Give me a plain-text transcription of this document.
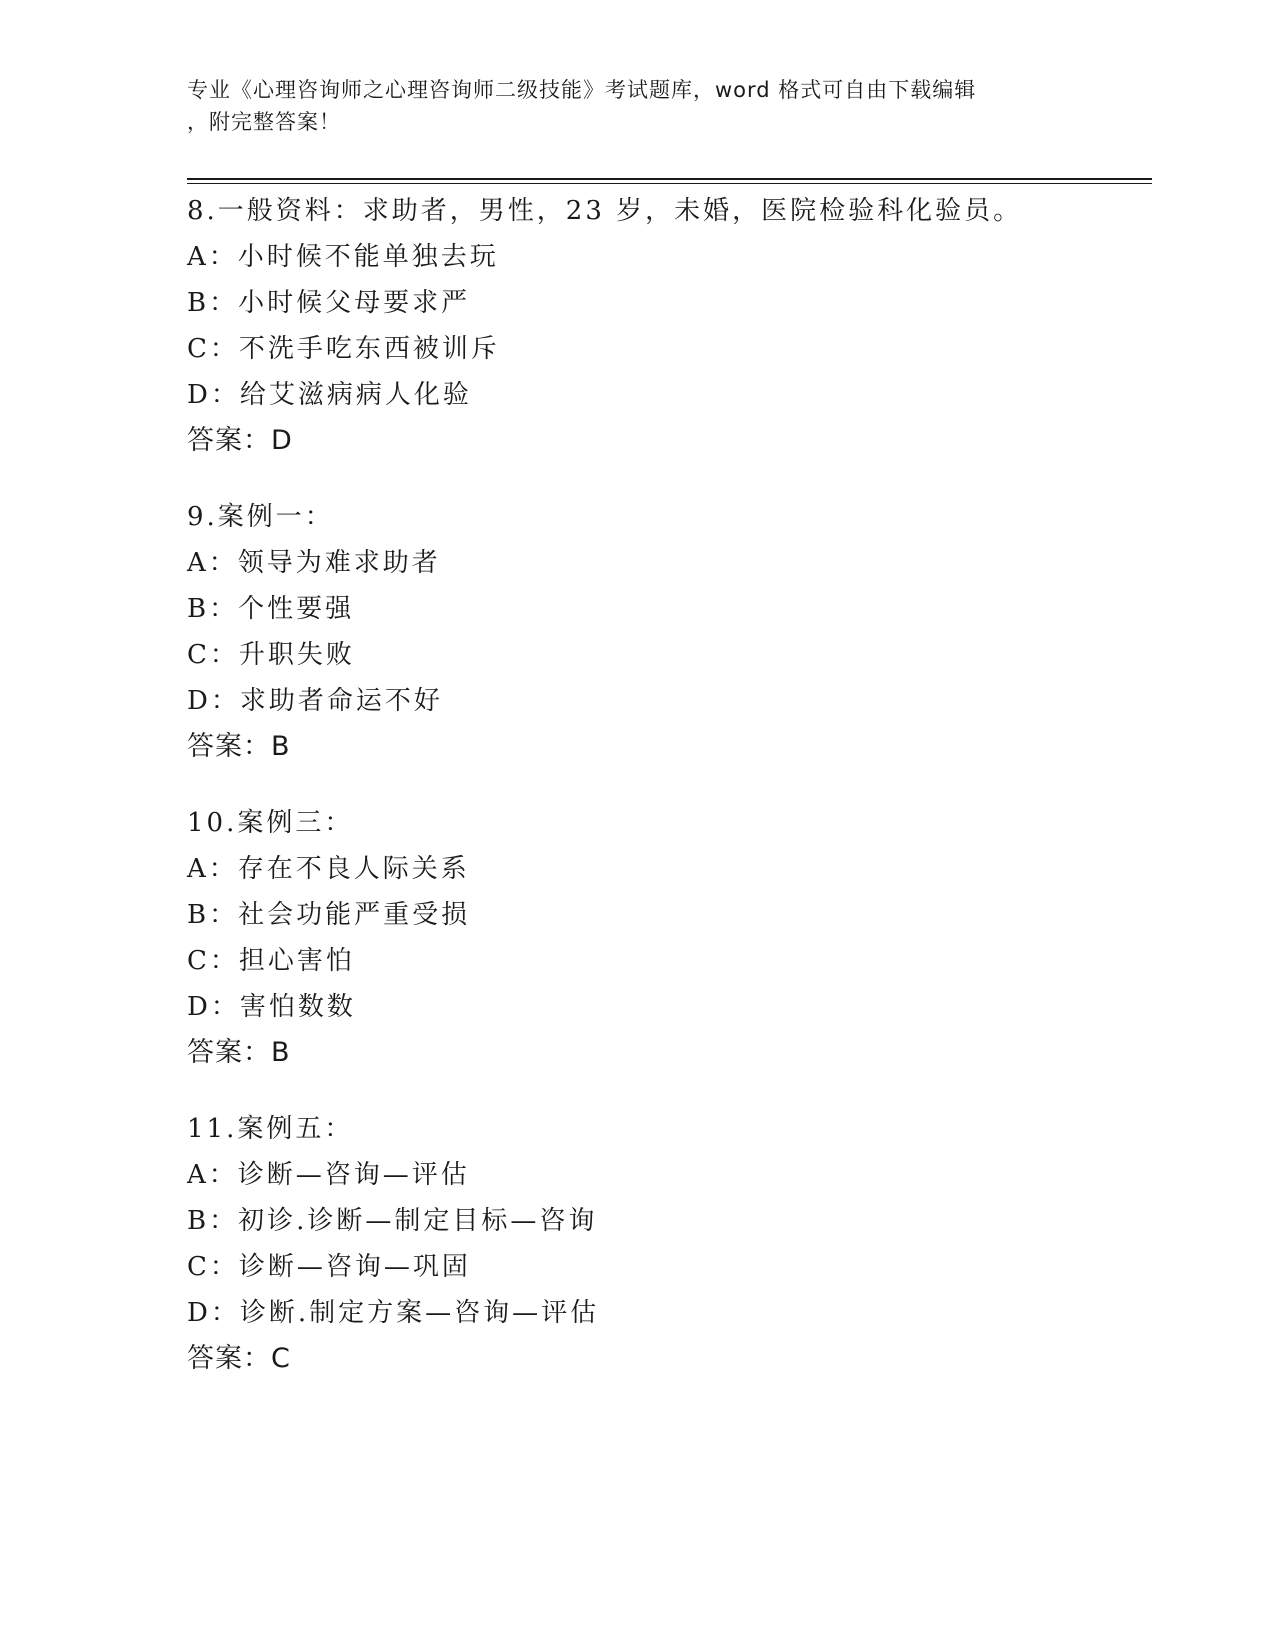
专业《心理咨询师之心理咨询师二级技能》考试题库，word 格式可自由下载编辑
，附完整答案！
8.一般资料：求助者，男性，23 岁，未婚，医院检验科化验员。
A：小时候不能单独去玩
B：小时候父母要求严
C：不洗手吃东西被训斥
D：给艾滋病病人化验
答案：D
9.案例一：
A：领导为难求助者
B：个性要强
C：升职失败
D：求助者命运不好
答案：B
10.案例三：
A：存在不良人际关系
B：社会功能严重受损
C：担心害怕
D：害怕数数
答案：B
11.案例五：
A：诊断—咨询—评估
B：初诊.诊断—制定目标—咨询
C：诊断—咨询—巩固
D：诊断.制定方案—咨询—评估
答案：C
